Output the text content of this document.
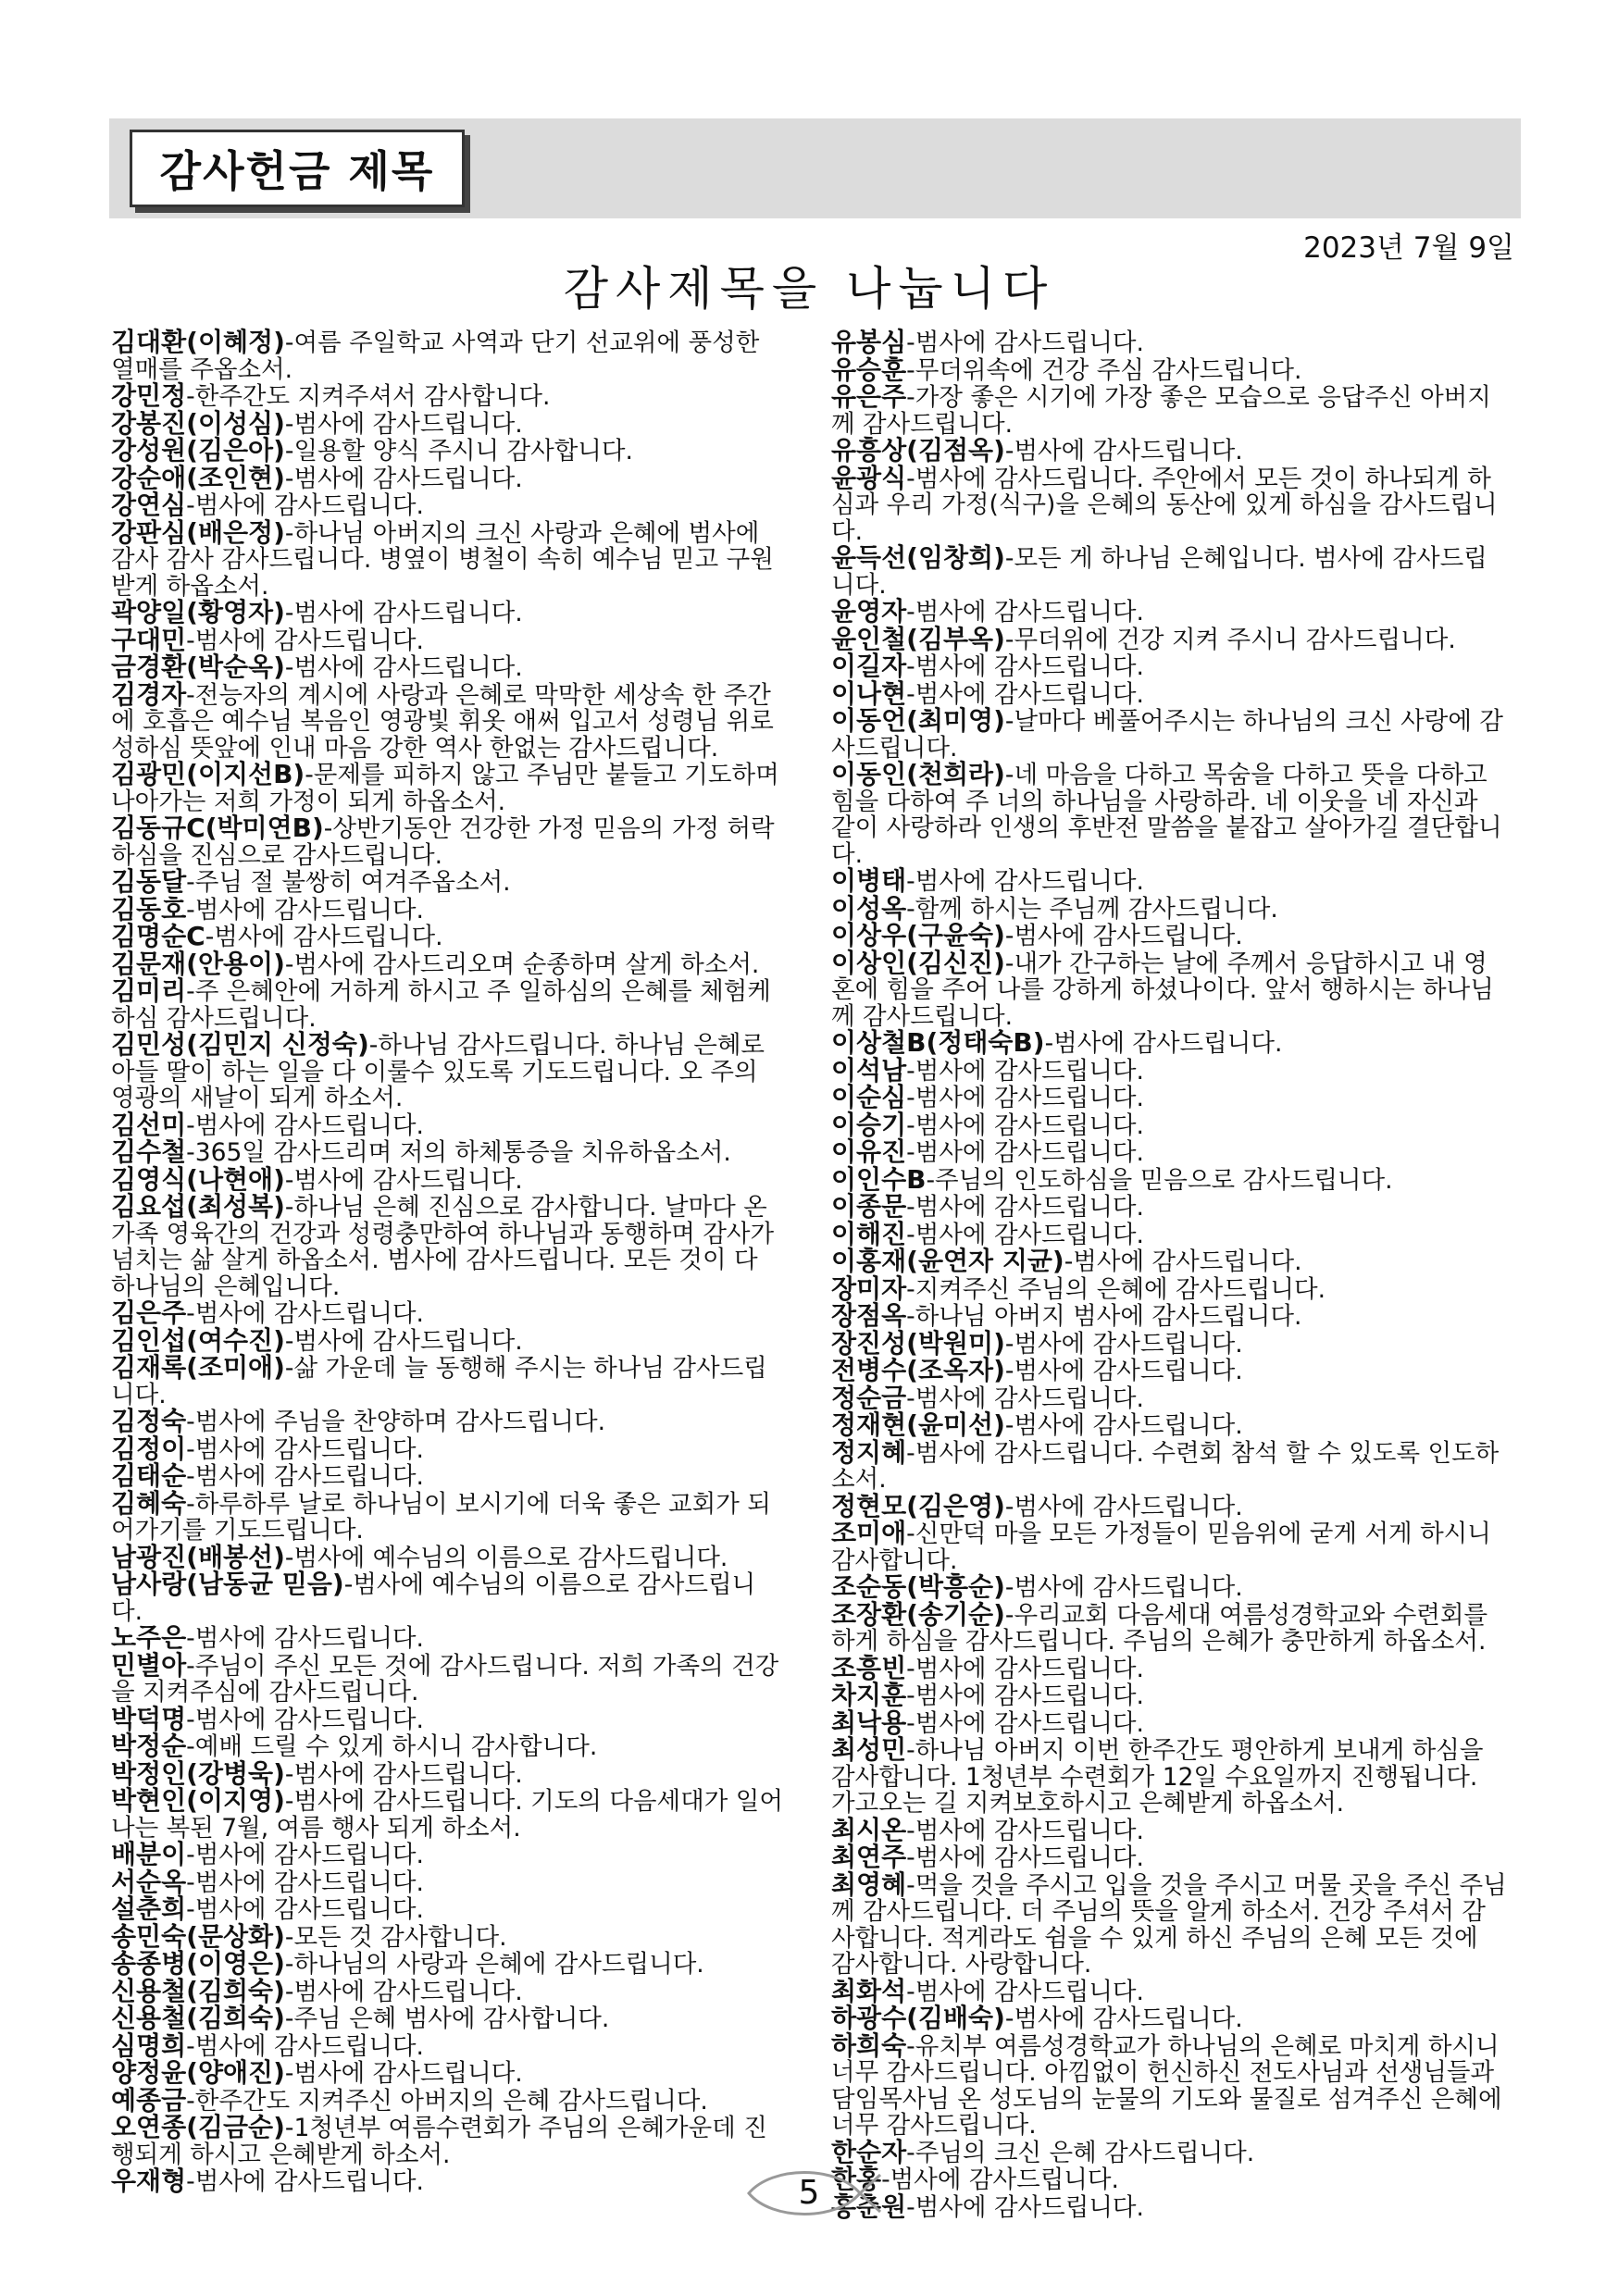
감사헌금 제목
2023년 7월 9일
감사제목을 나눕니다

김대환(이혜정)-여름 주일학교 사역과 단기 선교위에 풍성한 열매를 주옵소서.

강민정-한주간도 지켜주셔서 감사합니다.

강봉진(이성심)-범사에 감사드립니다.

강성원(김은아)-일용할 양식 주시니 감사합니다.

강순애(조인현)-범사에 감사드립니다.

강연심-범사에 감사드립니다.

강판심(배은정)-하나님 아버지의 크신 사랑과 은혜에 범사에 감사 감사 감사드립니다. 병옆이 병철이 속히 예수님 믿고 구원 받게 하옵소서.

곽양일(황영자)-범사에 감사드립니다.

구대민-범사에 감사드립니다.

금경환(박순옥)-범사에 감사드립니다.

김경자-전능자의 계시에 사랑과 은혜로 막막한 세상속 한 주간에 호흡은 예수님 복음인 영광빛 휘옷 애써 입고서 성령님 위로 성하심 뜻앞에 인내 마음 강한 역사 한없는 감사드립니다.

김광민(이지선B)-문제를 피하지 않고 주님만 붙들고 기도하며 나아가는 저희 가정이 되게 하옵소서.

김동규C(박미연B)-상반기동안 건강한 가정 믿음의 가정 허락하심을 진심으로 감사드립니다.

김동달-주님 절 불쌍히 여겨주옵소서.

김동호-범사에 감사드립니다.

김명순C-범사에 감사드립니다.

김문재(안용이)-범사에 감사드리오며 순종하며 살게 하소서.

김미리-주 은혜안에 거하게 하시고 주 일하심의 은혜를 체험케하심 감사드립니다.

김민성(김민지 신정숙)-하나님 감사드립니다. 하나님 은혜로 아들 딸이 하는 일을 다 이룰수 있도록 기도드립니다. 오 주의 영광의 새날이 되게 하소서.

김선미-범사에 감사드립니다.

김수철-365일 감사드리며 저의 하체통증을 치유하옵소서.

김영식(나현애)-범사에 감사드립니다.

김요섭(최성복)-하나님 은혜 진심으로 감사합니다. 날마다 온 가족 영육간의 건강과 성령충만하여 하나님과 동행하며 감사가 넘치는 삶 살게 하옵소서. 범사에 감사드립니다. 모든 것이 다 하나님의 은혜입니다.

김은주-범사에 감사드립니다.

김인섭(여수진)-범사에 감사드립니다.

김재록(조미애)-삶 가운데 늘 동행해 주시는 하나님 감사드립니다.

김정숙-범사에 주님을 찬양하며 감사드립니다.

김정이-범사에 감사드립니다.

김태순-범사에 감사드립니다.

김혜숙-하루하루 날로 하나님이 보시기에 더욱 좋은 교회가 되어가기를 기도드립니다.

남광진(배봉선)-범사에 예수님의 이름으로 감사드립니다.

남사랑(남동균 믿음)-범사에 예수님의 이름으로 감사드립니다.

노주은-범사에 감사드립니다.

민별아-주님이 주신 모든 것에 감사드립니다. 저희 가족의 건강을 지켜주심에 감사드립니다.

박덕명-범사에 감사드립니다.

박정순-예배 드릴 수 있게 하시니 감사합니다.

박정인(강병욱)-범사에 감사드립니다.

박현인(이지영)-범사에 감사드립니다. 기도의 다음세대가 일어나는 복된 7월, 여름 행사 되게 하소서.

배분이-범사에 감사드립니다.

서순옥-범사에 감사드립니다.

설춘희-범사에 감사드립니다.

송민숙(문상화)-모든 것 감사합니다.

송종병(이영은)-하나님의 사랑과 은혜에 감사드립니다.

신용철(김희숙)-범사에 감사드립니다.

신용철(김희숙)-주님 은혜 범사에 감사합니다.

심명희-범사에 감사드립니다.

양정윤(양애진)-범사에 감사드립니다.

예종금-한주간도 지켜주신 아버지의 은혜 감사드립니다.

오연종(김금순)-1청년부 여름수련회가 주님의 은혜가운데 진행되게 하시고 은혜받게 하소서.

우재형-범사에 감사드립니다.

유봉심-범사에 감사드립니다.

유승훈-무더위속에 건강 주심 감사드립니다.

유은주-가장 좋은 시기에 가장 좋은 모습으로 응답주신 아버지께 감사드립니다.

유흥상(김점옥)-범사에 감사드립니다.

윤광식-범사에 감사드립니다. 주안에서 모든 것이 하나되게 하심과 우리 가정(식구)을 은혜의 동산에 있게 하심을 감사드립니다.

윤득선(임창희)-모든 게 하나님 은혜입니다. 범사에 감사드립니다.

윤영자-범사에 감사드립니다.

윤인철(김부옥)-무더위에 건강 지켜 주시니 감사드립니다.

이길자-범사에 감사드립니다.

이나현-범사에 감사드립니다.

이동언(최미영)-날마다 베풀어주시는 하나님의 크신 사랑에 감사드립니다.

이동인(천희라)-네 마음을 다하고 목숨을 다하고 뜻을 다하고 힘을 다하여 주 너의 하나님을 사랑하라. 네 이웃을 네 자신과 같이 사랑하라 인생의 후반전 말씀을 붙잡고 살아가길 결단합니다.

이병태-범사에 감사드립니다.

이성옥-함께 하시는 주님께 감사드립니다.

이상우(구윤숙)-범사에 감사드립니다.

이상인(김신진)-내가 간구하는 날에 주께서 응답하시고 내 영혼에 힘을 주어 나를 강하게 하셨나이다. 앞서 행하시는 하나님께 감사드립니다.

이상철B(정태숙B)-범사에 감사드립니다.

이석남-범사에 감사드립니다.

이순심-범사에 감사드립니다.

이승기-범사에 감사드립니다.

이유진-범사에 감사드립니다.

이인수B-주님의 인도하심을 믿음으로 감사드립니다.

이종문-범사에 감사드립니다.

이해진-범사에 감사드립니다.

이홍재(윤연자 지균)-범사에 감사드립니다.

장미자-지켜주신 주님의 은혜에 감사드립니다.

장점옥-하나님 아버지 범사에 감사드립니다.

장진성(박원미)-범사에 감사드립니다.

전병수(조옥자)-범사에 감사드립니다.

정순금-범사에 감사드립니다.

정재현(윤미선)-범사에 감사드립니다.

정지혜-범사에 감사드립니다. 수련회 참석 할 수 있도록 인도하소서.

정현모(김은영)-범사에 감사드립니다.

조미애-신만덕 마을 모든 가정들이 믿음위에 굳게 서게 하시니 감사합니다.

조순동(박흥순)-범사에 감사드립니다.

조장환(송기순)-우리교회 다음세대 여름성경학교와 수련회를 하게 하심을 감사드립니다. 주님의 은혜가 충만하게 하옵소서.

조흥빈-범사에 감사드립니다.

차지훈-범사에 감사드립니다.

최낙용-범사에 감사드립니다.

최성민-하나님 아버지 이번 한주간도 평안하게 보내게 하심을 감사합니다. 1청년부 수련회가 12일 수요일까지 진행됩니다. 가고오는 길 지켜보호하시고 은혜받게 하옵소서.

최시온-범사에 감사드립니다.

최연주-범사에 감사드립니다.

최영혜-먹을 것을 주시고 입을 것을 주시고 머물 곳을 주신 주님께 감사드립니다. 더 주님의 뜻을 알게 하소서. 건강 주셔서 감사합니다. 적게라도 쉼을 수 있게 하신 주님의 은혜 모든 것에 감사합니다. 사랑합니다.

최화석-범사에 감사드립니다.

하광수(김배숙)-범사에 감사드립니다.

하희숙-유치부 여름성경학교가 하나님의 은혜로 마치게 하시니 너무 감사드립니다. 아낌없이 헌신하신 전도사님과 선생님들과 담임목사님 온 성도님의 눈물의 기도와 물질로 섬겨주신 은혜에 너무 감사드립니다.

한순자-주님의 크신 은혜 감사드립니다.

한홍-범사에 감사드립니다.

홍춘원-범사에 감사드립니다.

5
